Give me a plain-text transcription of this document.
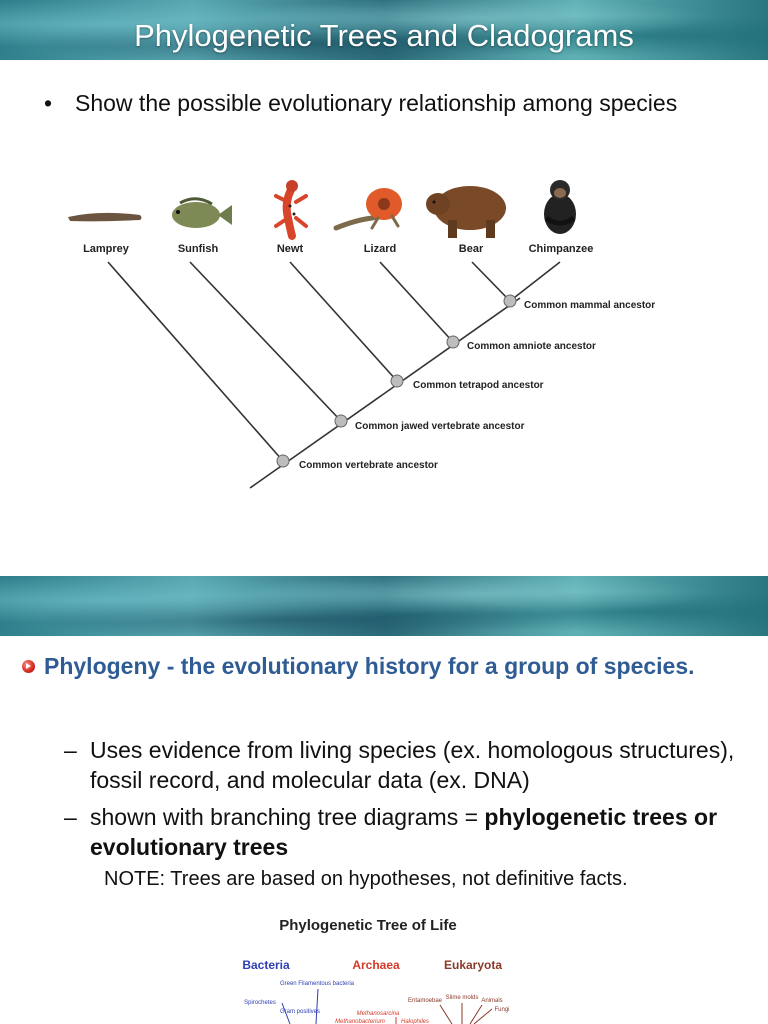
Phylogenetic Trees and Cladograms
• Show the possible evolutionary relationship among species
Lamprey	Sunfish	Newt	Lizard	Bear	Chimpanzee
Common mammal ancestor
Common amniote ancestor
Common tetrapod ancestor
Common jawed vertebrate ancestor
Common vertebrate ancestor
Phylogeny - the evolutionary history for a group of species.
– Uses evidence from living species (ex. homologous structures), fossil record, and molecular data (ex. DNA)
– shown with branching tree diagrams = phylogenetic trees or evolutionary trees
NOTE: Trees are based on hypotheses, not definitive facts.
Phylogenetic Tree of Life
Bacteria	Archaea	Eukaryota
Green Filamentous bacteria
Spirochetes
Gram positives	Methanosarcina
Methanobacterium	Halophiles
Entamoebae Slime molds Animals
Fungi
